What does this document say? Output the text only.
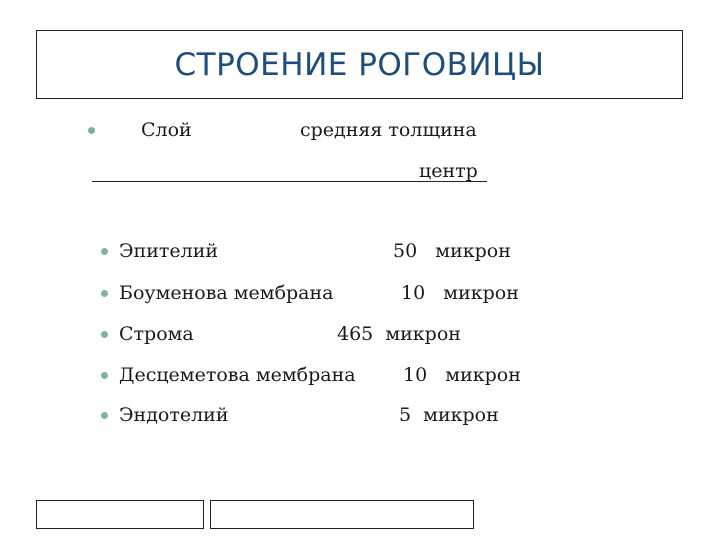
СТРОЕНИЕ РОГОВИЦЫ
Слой	средняя толщина
центр
Эпителий	50   микрон
Боуменова мембрана	10   микрон
Строма	465  микрон
Десцеметова мембрана 10   микрон
Эндотелий	5  микрон
